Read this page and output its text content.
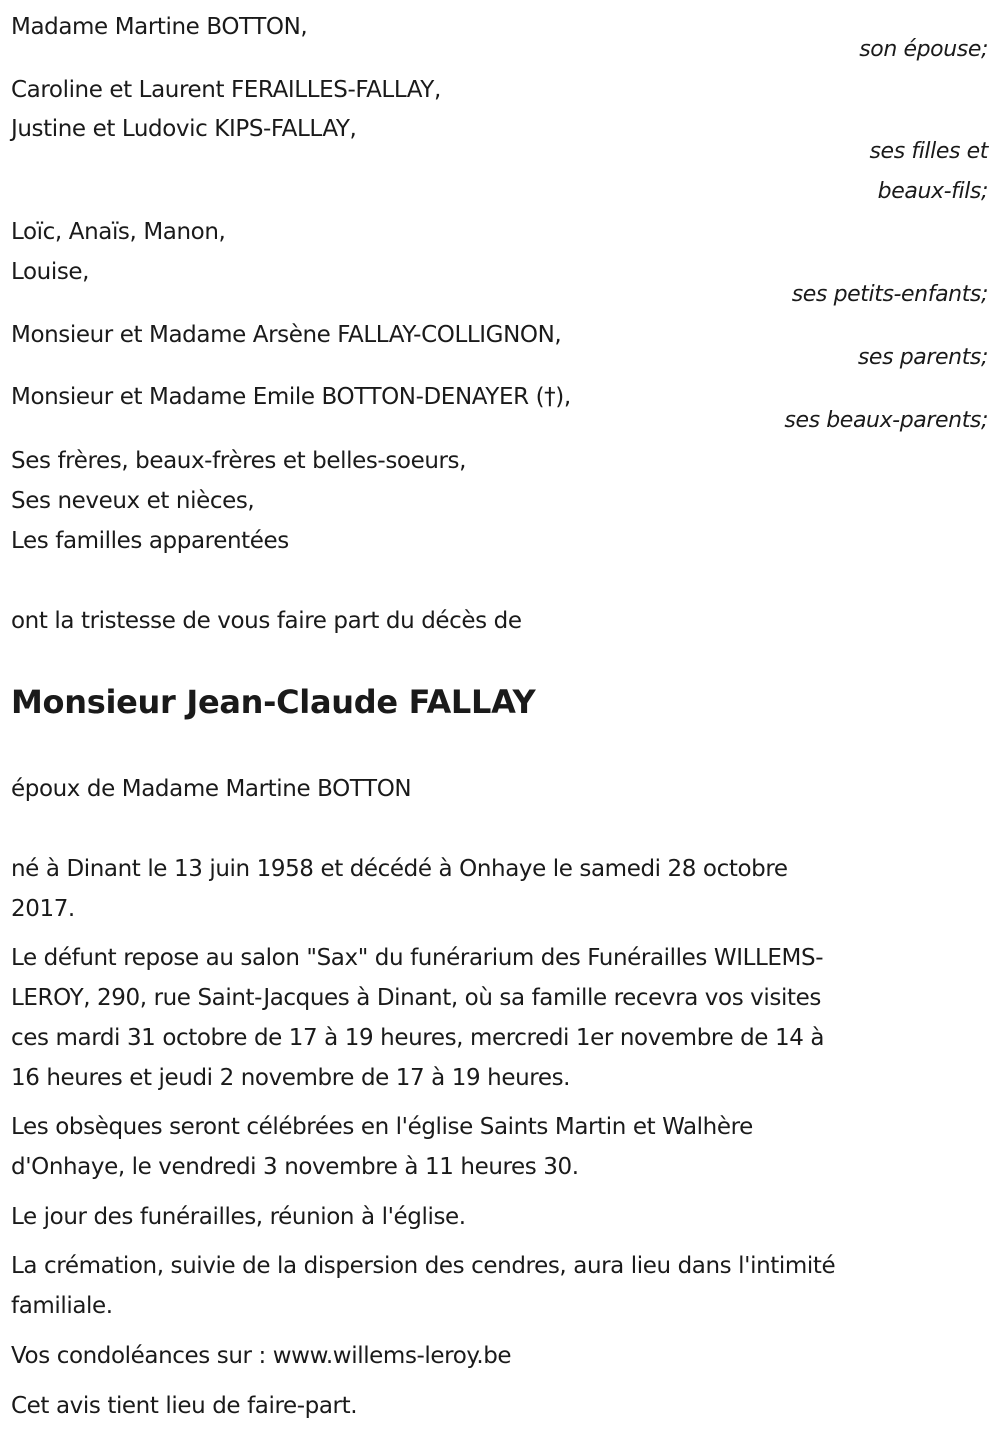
Madame Martine BOTTON,
son épouse;
Caroline et Laurent FERAILLES-FALLAY,
Justine et Ludovic KIPS-FALLAY,
ses filles et
beaux-fils;
Loïc, Anaïs, Manon,
Louise,
ses petits-enfants;
Monsieur et Madame Arsène FALLAY-COLLIGNON,
ses parents;
Monsieur et Madame Emile BOTTON-DENAYER (†),
ses beaux-parents;
Ses frères, beaux-frères et belles-soeurs,
Ses neveux et nièces,
Les familles apparentées
ont la tristesse de vous faire part du décès de
Monsieur Jean-Claude FALLAY
époux de Madame Martine BOTTON
né à Dinant le 13 juin 1958 et décédé à Onhaye le samedi 28 octobre
2017.
Le défunt repose au salon "Sax" du funérarium des Funérailles WILLEMS-
LEROY, 290, rue Saint-Jacques à Dinant, où sa famille recevra vos visites
ces mardi 31 octobre de 17 à 19 heures, mercredi 1er novembre de 14 à
16 heures et jeudi 2 novembre de 17 à 19 heures.
Les obsèques seront célébrées en l'église Saints Martin et Walhère
d'Onhaye, le vendredi 3 novembre à 11 heures 30.
Le jour des funérailles, réunion à l'église.
La crémation, suivie de la dispersion des cendres, aura lieu dans l'intimité
familiale.
Vos condoléances sur : www.willems-leroy.be
Cet avis tient lieu de faire-part.
